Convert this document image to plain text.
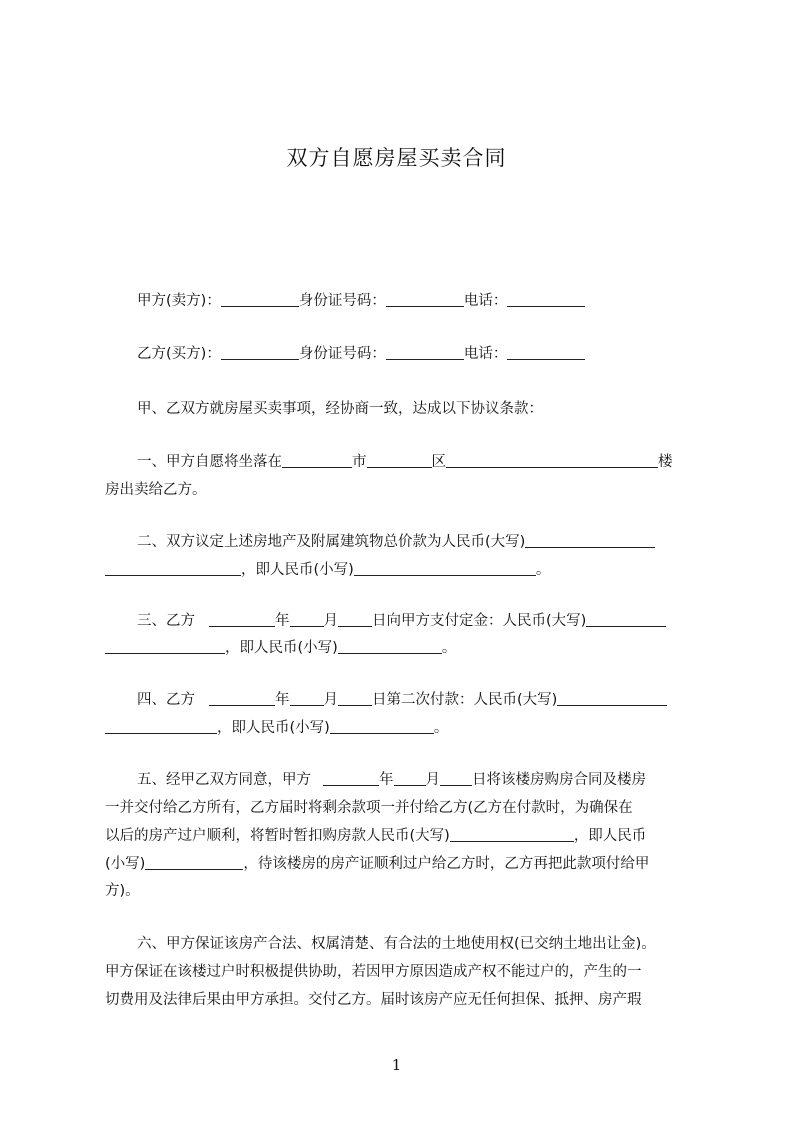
双方自愿房屋买卖合同
甲方(卖方)：	身份证号码：	电话：
乙方(买方)：	身份证号码：	电话：
甲、乙双方就房屋买卖事项，经协商一致，达成以下协议条款：
一、甲方自愿将坐落在	市	区	楼
房出卖给乙方。
二、双方议定上述房地产及附属建筑物总价款为人民币(大写)
，即人民币(小写)	。
三、乙方	年 月 日向甲方支付定金：人民币(大写)
，即人民币(小写)	。
四、乙方	年 月 日第二次付款：人民币(大写)
，即人民币(小写)	。
五、经甲乙双方同意，甲方	年 月 日将该楼房购房合同及楼房
一并交付给乙方所有，乙方届时将剩余款项一并付给乙方(乙方在付款时，为确保在
以后的房产过户顺利，将暂时暂扣购房款人民币(大写)	，即人民币
(小写)	，待该楼房的房产证顺利过户给乙方时，乙方再把此款项付给甲
方)。
六、甲方保证该房产合法、权属清楚、有合法的土地使用权(已交纳土地出让金)。
甲方保证在该楼过户时积极提供协助，若因甲方原因造成产权不能过户的，产生的一
切费用及法律后果由甲方承担。交付乙方。届时该房产应无任何担保、抵押、房产瑕
1
